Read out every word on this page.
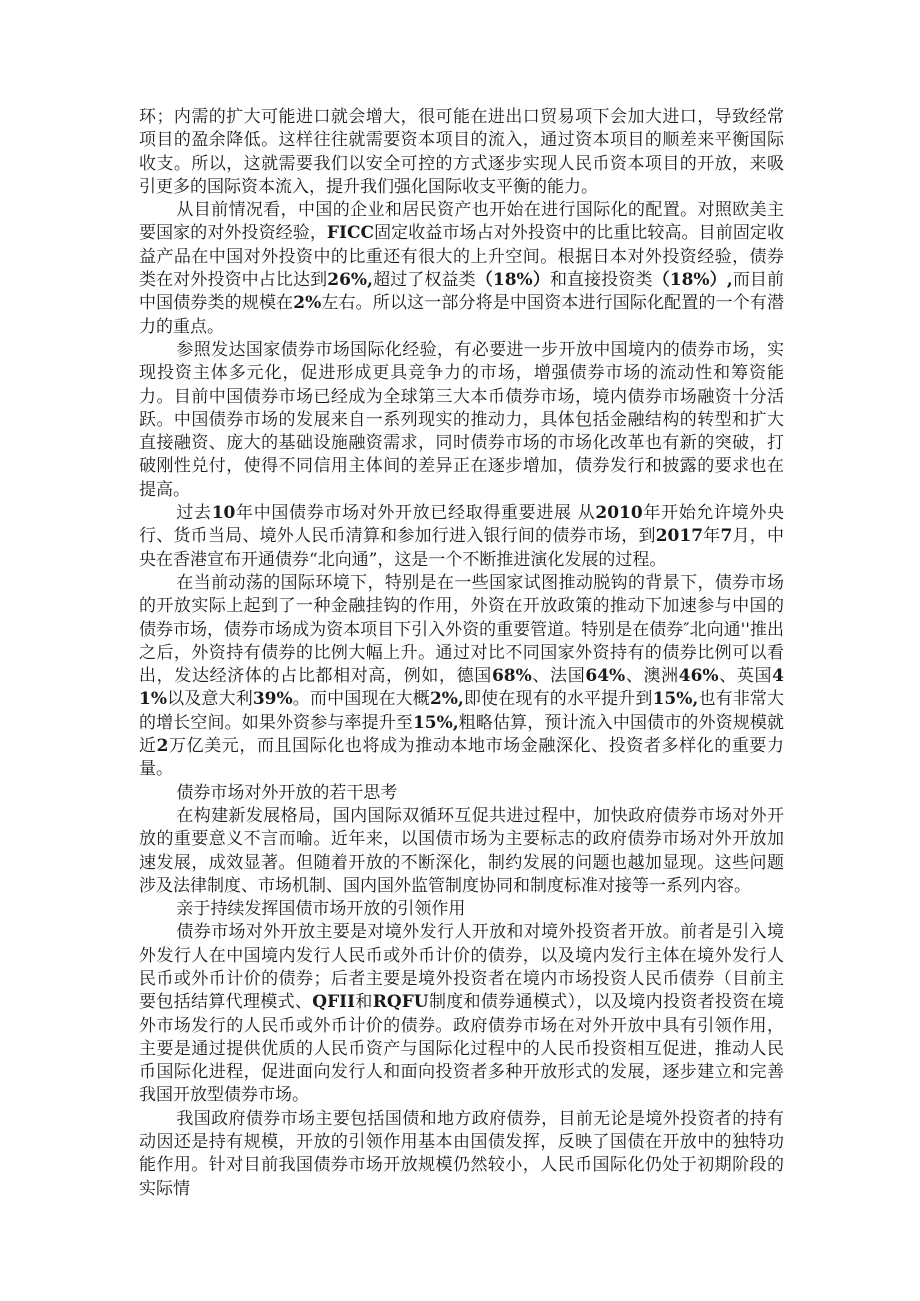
环；内需的扩大可能进口就会增大，很可能在进出口贸易项下会加大进口，导致经常项目的盈余降低。这样往往就需要资本项目的流入，通过资本项目的顺差来平衡国际收支。所以，这就需要我们以安全可控的方式逐步实现人民币资本项目的开放，来吸引更多的国际资本流入，提升我们强化国际收支平衡的能力。

从目前情况看，中国的企业和居民资产也开始在进行国际化的配置。对照欧美主要国家的对外投资经验，FICC固定收益市场占对外投资中的比重比较高。目前固定收益产品在中国对外投资中的比重还有很大的上升空间。根据日本对外投资经验，债券类在对外投资中占比达到26%,超过了权益类（18%）和直接投资类（18%）,而目前中国债券类的规模在2%左右。所以这一部分将是中国资本进行国际化配置的一个有潜力的重点。

参照发达国家债券市场国际化经验，有必要进一步开放中国境内的债券市场，实现投资主体多元化，促进形成更具竞争力的市场，增强债券市场的流动性和筹资能力。目前中国债券市场已经成为全球第三大本币债券市场，境内债券市场融资十分活跃。中国债券市场的发展来自一系列现实的推动力，具体包括金融结构的转型和扩大直接融资、庞大的基础设施融资需求，同时债券市场的市场化改革也有新的突破，打破刚性兑付，使得不同信用主体间的差异正在逐步增加，债券发行和披露的要求也在提高。

过去10年中国债券市场对外开放已经取得重要进展 从2010年开始允许境外央行、货币当局、境外人民币清算和参加行进入银行间的债券市场，到2017年7月，中央在香港宣布开通债券“北向通”，这是一个不断推进演化发展的过程。

在当前动荡的国际环境下，特别是在一些国家试图推动脱钩的背景下，债券市场的开放实际上起到了一种金融挂钩的作用，外资在开放政策的推动下加速参与中国的债券市场，债券市场成为资本项目下引入外资的重要管道。特别是在债券″北向通''推出之后，外资持有债券的比例大幅上升。通过对比不同国家外资持有的债券比例可以看出，发达经济体的占比都相对高，例如，德国68%、法国64%、澳洲46%、英国41%以及意大利39%。而中国现在大概2%,即使在现有的水平提升到15%,也有非常大的增长空间。如果外资参与率提升至15%,粗略估算，预计流入中国债市的外资规模就近2万亿美元，而且国际化也将成为推动本地市场金融深化、投资者多样化的重要力量。

债券市场对外开放的若干思考

在构建新发展格局，国内国际双循环互促共进过程中，加快政府债券市场对外开放的重要意义不言而喻。近年来，以国债市场为主要标志的政府债券市场对外开放加速发展，成效显著。但随着开放的不断深化，制约发展的问题也越加显现。这些问题涉及法律制度、市场机制、国内国外监管制度协同和制度标准对接等一系列内容。

亲于持续发挥国债市场开放的引领作用

债券市场对外开放主要是对境外发行人开放和对境外投资者开放。前者是引入境外发行人在中国境内发行人民币或外币计价的债券，以及境内发行主体在境外发行人民币或外币计价的债券；后者主要是境外投资者在境内市场投资人民币债券（目前主要包括结算代理模式、QFII和RQFU制度和债券通模式），以及境内投资者投资在境外市场发行的人民币或外币计价的债券。政府债券市场在对外开放中具有引领作用，主要是通过提供优质的人民币资产与国际化过程中的人民币投资相互促进，推动人民币国际化进程，促进面向发行人和面向投资者多种开放形式的发展，逐步建立和完善我国开放型债券市场。

我国政府债券市场主要包括国债和地方政府债券，目前无论是境外投资者的持有动因还是持有规模，开放的引领作用基本由国债发挥，反映了国债在开放中的独特功能作用。针对目前我国债券市场开放规模仍然较小，人民币国际化仍处于初期阶段的实际情
